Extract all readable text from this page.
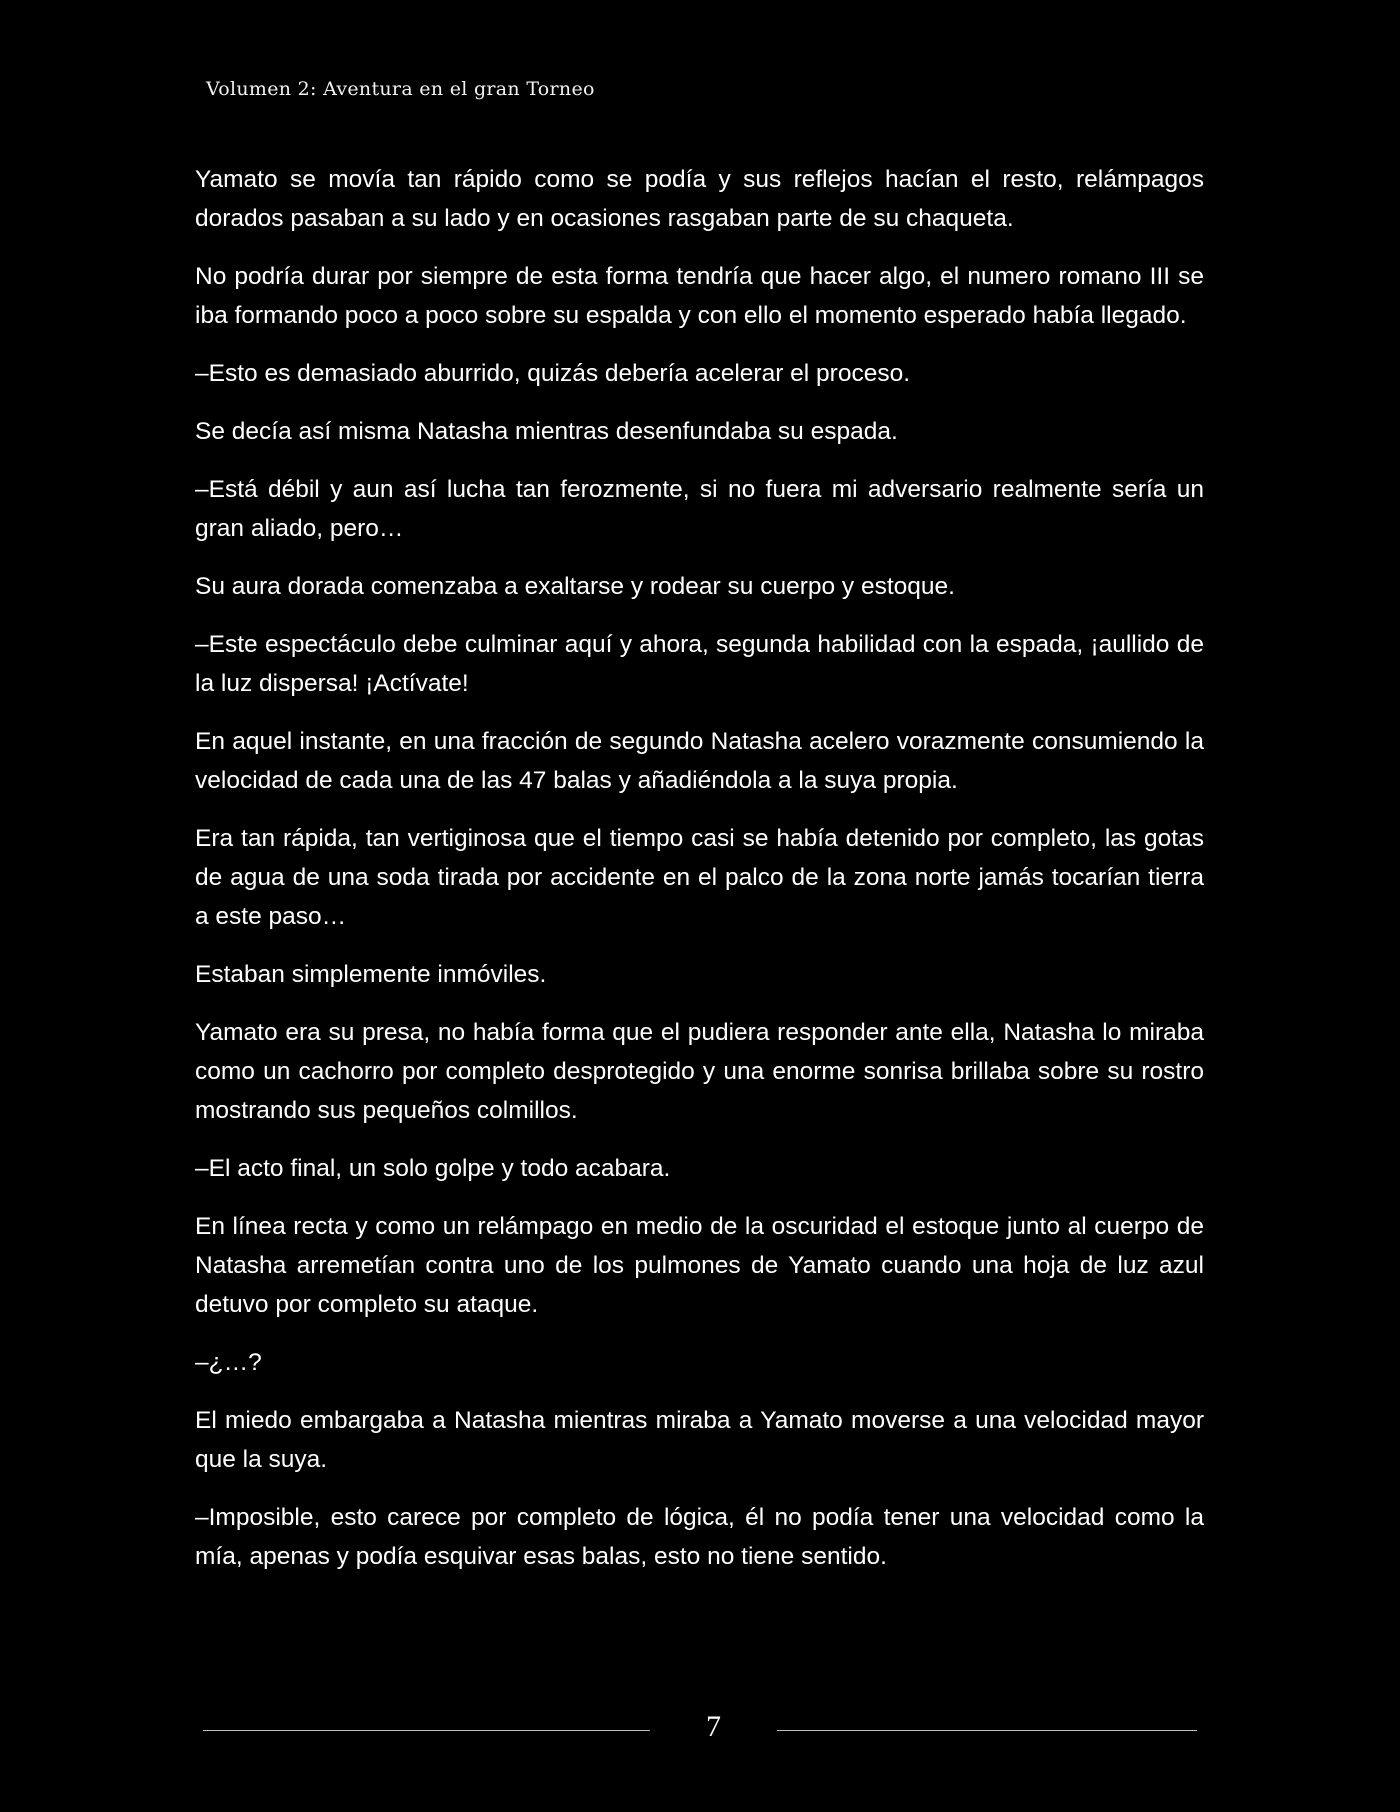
Volumen 2: Aventura en el gran Torneo

Yamato se movía tan rápido como se podía y sus reflejos hacían el resto, relámpagos dorados pasaban a su lado y en ocasiones rasgaban parte de su chaqueta.

No podría durar por siempre de esta forma tendría que hacer algo, el numero romano III se iba formando poco a poco sobre su espalda y con ello el momento esperado había llegado.

–Esto es demasiado aburrido, quizás debería acelerar el proceso.

Se decía así misma Natasha mientras desenfundaba su espada.

–Está débil y aun así lucha tan ferozmente, si no fuera mi adversario realmente sería un gran aliado, pero…

Su aura dorada comenzaba a exaltarse y rodear su cuerpo y estoque.

–Este espectáculo debe culminar aquí y ahora, segunda habilidad con la espada, ¡aullido de la luz dispersa! ¡Actívate!

En aquel instante, en una fracción de segundo Natasha acelero vorazmente consumiendo la velocidad de cada una de las 47 balas y añadiéndola a la suya propia.

Era tan rápida, tan vertiginosa que el tiempo casi se había detenido por completo, las gotas de agua de una soda tirada por accidente en el palco de la zona norte jamás tocarían tierra a este paso…

Estaban simplemente inmóviles.

Yamato era su presa, no había forma que el pudiera responder ante ella, Natasha lo miraba como un cachorro por completo desprotegido y una enorme sonrisa brillaba sobre su rostro mostrando sus pequeños colmillos.

–El acto final, un solo golpe y todo acabara.

En línea recta y como un relámpago en medio de la oscuridad el estoque junto al cuerpo de Natasha arremetían contra uno de los pulmones de Yamato cuando una hoja de luz azul detuvo por completo su ataque.

–¿…?

El miedo embargaba a Natasha mientras miraba a Yamato moverse a una velocidad mayor que la suya.

–Imposible, esto carece por completo de lógica, él no podía tener una velocidad como la mía, apenas y podía esquivar esas balas, esto no tiene sentido.

7
